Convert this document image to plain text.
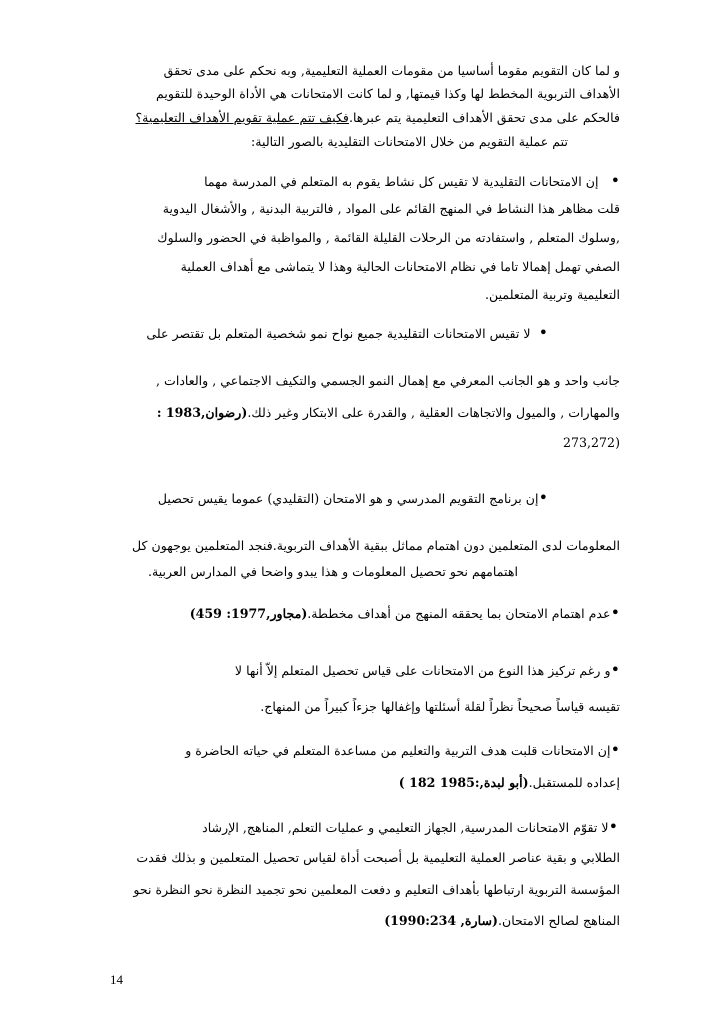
و لما كان التقويم مقوما أساسيا من مقومات العملية التعليمية, وبه نحكم على مدى تحقق
الأهداف التربوية المخطط لها وكذا قيمتها, و لما كانت الامتحانات هي الأداة الوحيدة للتقويم
فالحكم على مدى تحقق الأهداف التعليمية يتم عبرها.فكيف تتم عملية تقويم الأهداف التعليمية؟
تتم عملية التقويم من خلال الامتحانات التقليدية بالصور التالية:
•   إن الامتحانات التقليدية لا تقيس كل نشاط يقوم به المتعلم في المدرسة مهما
قلت مظاهر هذا النشاط في المنهج القائم على المواد , فالتربية البدنية , والأشغال اليدوية
,وسلوك المتعلم , واستفادته من الرحلات القليلة القائمة , والمواظبة في الحضور والسلوك
الصفي تهمل إهمالا تاما في نظام الامتحانات الحالية وهذا لا يتماشى مع أهداف العملية
التعليمية وتربية المتعلمين.
•  لا تقيس الامتحانات التقليدية جميع نواح نمو شخصية المتعلم بل تقتصر على
جانب واحد و هو الجانب المعرفي مع إهمال النمو الجسمي والتكيف الاجتماعي , والعادات ,
والمهارات , والميول والاتجاهات العقلية , والقدرة على الابتكار وغير ذلك.(رضوان,1983 :
(273,272
•إن برنامج التقويم المدرسي و هو الامتحان (التقليدي) عموما يقيس تحصيل
المعلومات لدى المتعلمين دون اهتمام مماثل ببقية الأهداف التربوية.فنجد المتعلمين يوجهون كل
اهتمامهم نحو تحصيل المعلومات و هذا يبدو واضحا في المدارس العربية.
•عدم اهتمام الامتحان بما يحققه المنهج من أهداف مخططة.(مجاور,1977: 459)
•و رغم تركيز هذا النوع من الامتحانات على قياس تحصيل المتعلم إلاّ أنها لا
تقيسه قياساً صحيحاً نظراً لقلة أسئلتها وإغفالها جزءاً كبيراً من المنهاج.
•إن الامتحانات قلبت هدف التربية والتعليم من مساعدة المتعلم في حياته الحاضرة و
إعداده للمستقبل.(أبو لبدة,:1985 182 )
•لا تقوّم الامتحانات المدرسية, الجهاز التعليمي و عمليات التعلم, المناهج, الإرشاد
الطلابي و بقية عناصر العملية التعليمية بل أصبحت أداة لقياس تحصيل المتعلمين و بذلك فقدت
المؤسسة التربوية ارتباطها بأهداف التعليم و دفعت المعلمين نحو تجميد النظرة نحو النظرة نحو
المناهج لصالح الامتحان.(سارة, 1990:234)
14
